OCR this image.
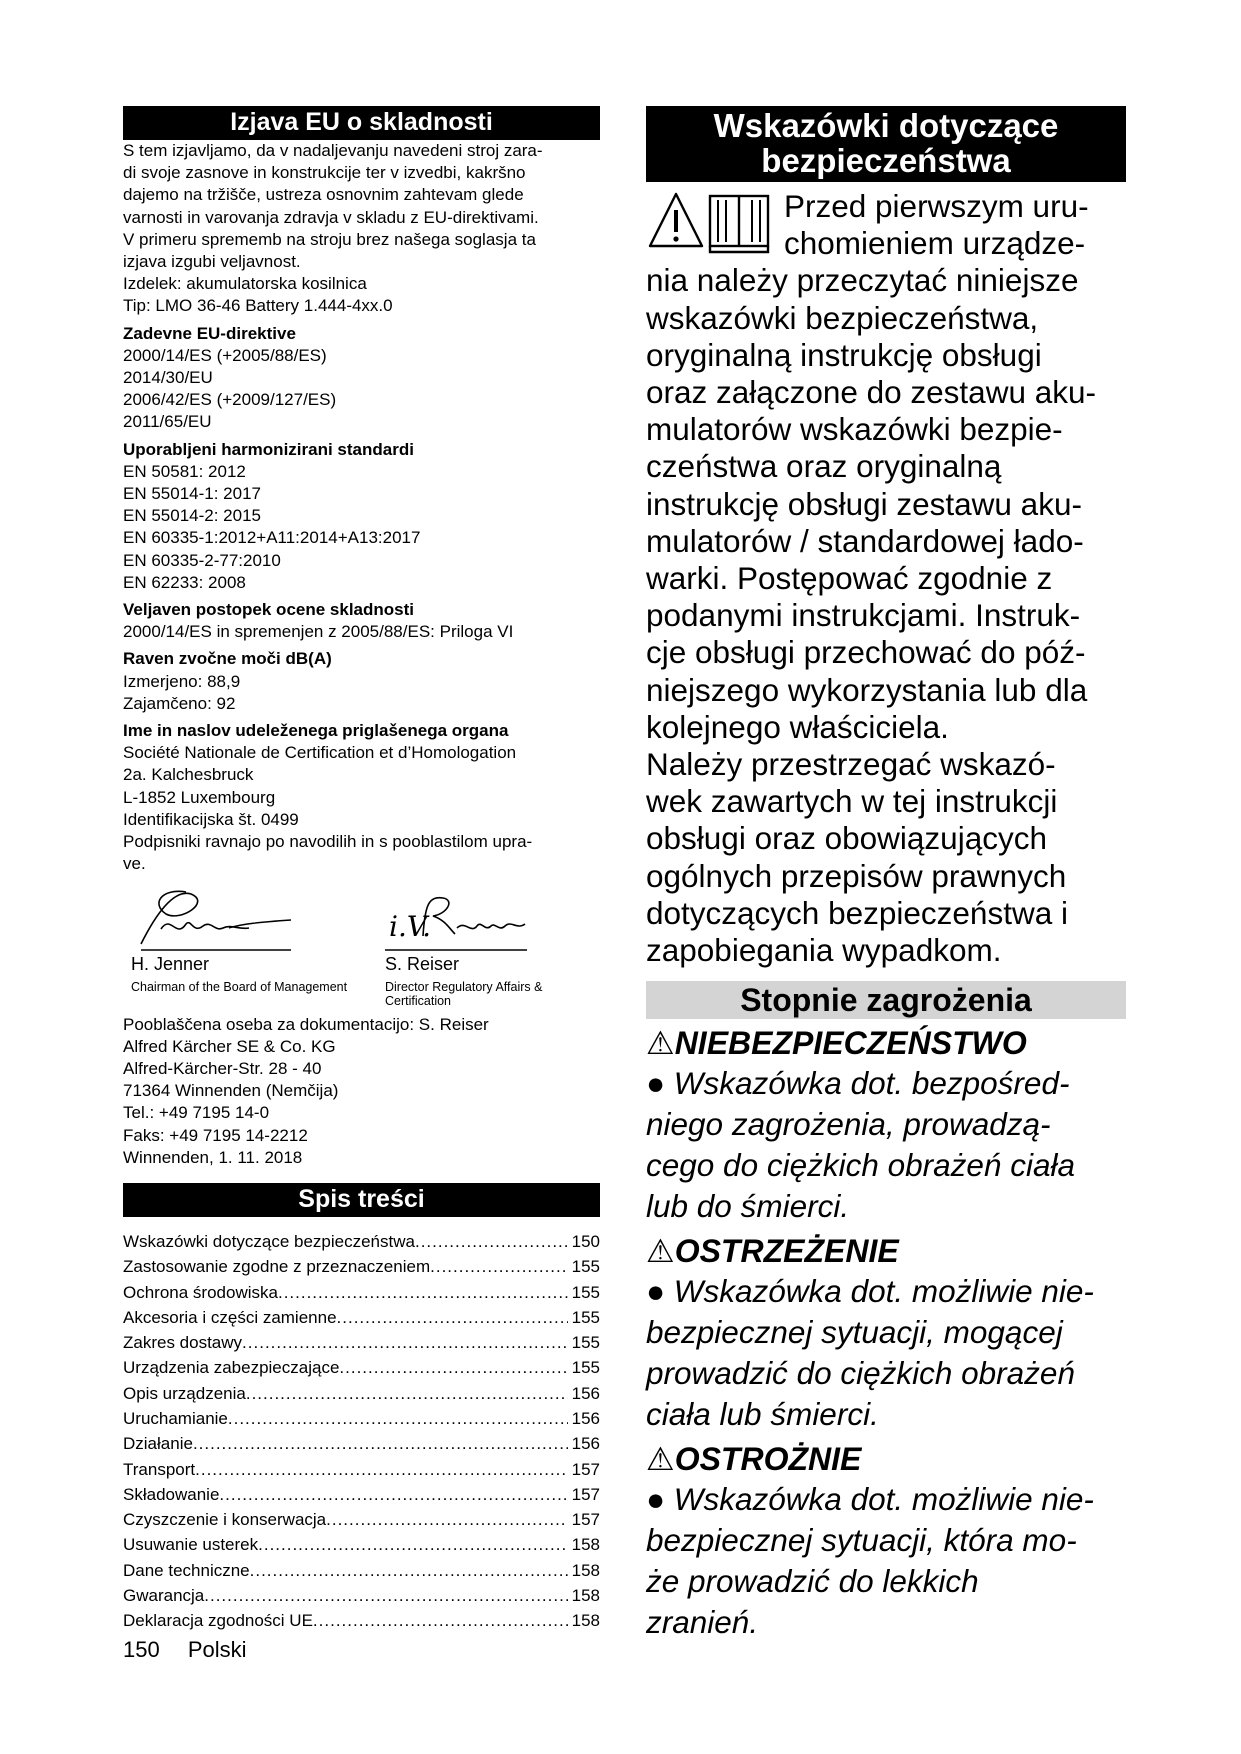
Izjava EU o skladnosti

S tem izjavljamo, da v nadaljevanju navedeni stroj zara-

di svoje zasnove in konstrukcije ter v izvedbi, kakršno

dajemo na tržišče, ustreza osnovnim zahtevam glede

varnosti in varovanja zdravja v skladu z EU-direktivami.

V primeru sprememb na stroju brez našega soglasja ta

izjava izgubi veljavnost.

Izdelek: akumulatorska kosilnica

Tip: LMO 36-46 Battery 1.444-4xx.0

Zadevne EU-direktive

2000/14/ES (+2005/88/ES)

2014/30/EU

2006/42/ES (+2009/127/ES)

2011/65/EU

Uporabljeni harmonizirani standardi

EN 50581: 2012

EN 55014-1: 2017

EN 55014-2: 2015

EN 60335-1:2012+A11:2014+A13:2017

EN 60335-2-77:2010

EN 62233: 2008

Veljaven postopek ocene skladnosti

2000/14/ES in spremenjen z 2005/88/ES: Priloga VI

Raven zvočne moči dB(A)

Izmerjeno: 88,9

Zajamčeno: 92

Ime in naslov udeleženega priglašenega organa

Société Nationale de Certification et d’Homologation

2a. Kalchesbruck

L-1852 Luxembourg

Identifikacijska št. 0499

Podpisniki ravnajo po navodilih in s pooblastilom upra-

ve.

H. Jenner
Chairman of the Board of Management
i.V.
S. Reiser
Director Regulatory Affairs & Certification

Pooblaščena oseba za dokumentacijo: S. Reiser

Alfred Kärcher SE & Co. KG

Alfred-Kärcher-Str. 28 - 40

71364 Winnenden (Nemčija)

Tel.: +49 7195 14-0

Faks: +49 7195 14-2212

Winnenden, 1. 11. 2018

Spis treści
Wskazówki dotyczące bezpieczeństwa .....	150
Zastosowanie zgodne z przeznaczeniem .....	155
Ochrona środowiska .....	155
Akcesoria i części zamienne .....	155
Zakres dostawy .....	155
Urządzenia zabezpieczające .....	155
Opis urządzenia .....	156
Uruchamianie .....	156
Działanie .....	156
Transport .....	157
Składowanie .....	157
Czyszczenie i konserwacja .....	157
Usuwanie usterek .....	158
Dane techniczne .....	158
Gwarancja .....	158
Deklaracja zgodności UE .....	158
Wskazówki dotyczące
bezpieczeństwa

Przed pierwszym uru-

chomieniem urządze-

nia należy przeczytać niniejsze

wskazówki bezpieczeństwa,

oryginalną instrukcję obsługi

oraz załączone do zestawu aku-

mulatorów wskazówki bezpie-

czeństwa oraz oryginalną

instrukcję obsługi zestawu aku-

mulatorów / standardowej łado-

warki. Postępować zgodnie z

podanymi instrukcjami. Instruk-

cje obsługi przechować do póź-

niejszego wykorzystania lub dla

kolejnego właściciela.

Należy przestrzegać wskazó-

wek zawartych w tej instrukcji

obsługi oraz obowiązujących

ogólnych przepisów prawnych

dotyczących bezpieczeństwa i

zapobiegania wypadkom.

Stopnie zagrożenia
⚠NIEBEZPIECZEŃSTWO

● Wskazówka dot. bezpośred-

niego zagrożenia, prowadzą-

cego do ciężkich obrażeń ciała

lub do śmierci.

⚠OSTRZEŻENIE

● Wskazówka dot. możliwie nie-

bezpiecznej sytuacji, mogącej

prowadzić do ciężkich obrażeń

ciała lub śmierci.

⚠OSTROŻNIE

● Wskazówka dot. możliwie nie-

bezpiecznej sytuacji, która mo-

że prowadzić do lekkich

zranień.

150 Polski
